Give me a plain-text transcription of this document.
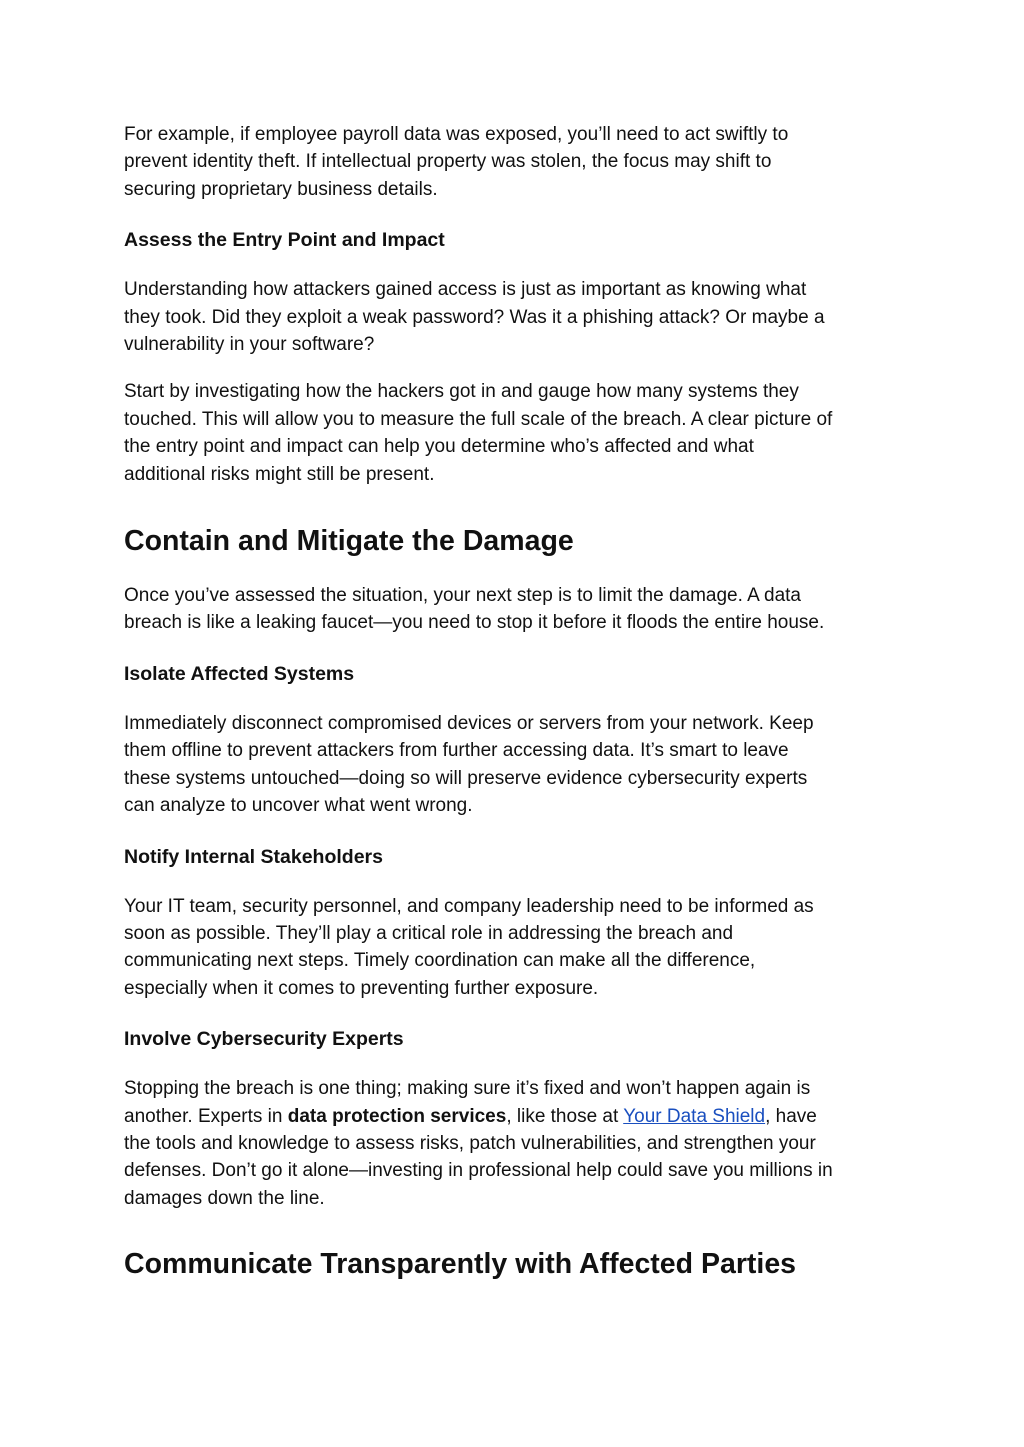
For example, if employee payroll data was exposed, you’ll need to act swiftly to
prevent identity theft. If intellectual property was stolen, the focus may shift to
securing proprietary business details.

Assess the Entry Point and Impact

Understanding how attackers gained access is just as important as knowing what
they took. Did they exploit a weak password? Was it a phishing attack? Or maybe a
vulnerability in your software?

Start by investigating how the hackers got in and gauge how many systems they
touched. This will allow you to measure the full scale of the breach. A clear picture of
the entry point and impact can help you determine who’s affected and what
additional risks might still be present.

Contain and Mitigate the Damage

Once you’ve assessed the situation, your next step is to limit the damage. A data
breach is like a leaking faucet—you need to stop it before it floods the entire house.

Isolate Affected Systems

Immediately disconnect compromised devices or servers from your network. Keep
them offline to prevent attackers from further accessing data. It’s smart to leave
these systems untouched—doing so will preserve evidence cybersecurity experts
can analyze to uncover what went wrong.

Notify Internal Stakeholders

Your IT team, security personnel, and company leadership need to be informed as
soon as possible. They’ll play a critical role in addressing the breach and
communicating next steps. Timely coordination can make all the difference,
especially when it comes to preventing further exposure.

Involve Cybersecurity Experts

Stopping the breach is one thing; making sure it’s fixed and won’t happen again is
another. Experts in data protection services, like those at Your Data Shield, have
the tools and knowledge to assess risks, patch vulnerabilities, and strengthen your
defenses. Don’t go it alone—investing in professional help could save you millions in
damages down the line.

Communicate Transparently with Affected Parties
